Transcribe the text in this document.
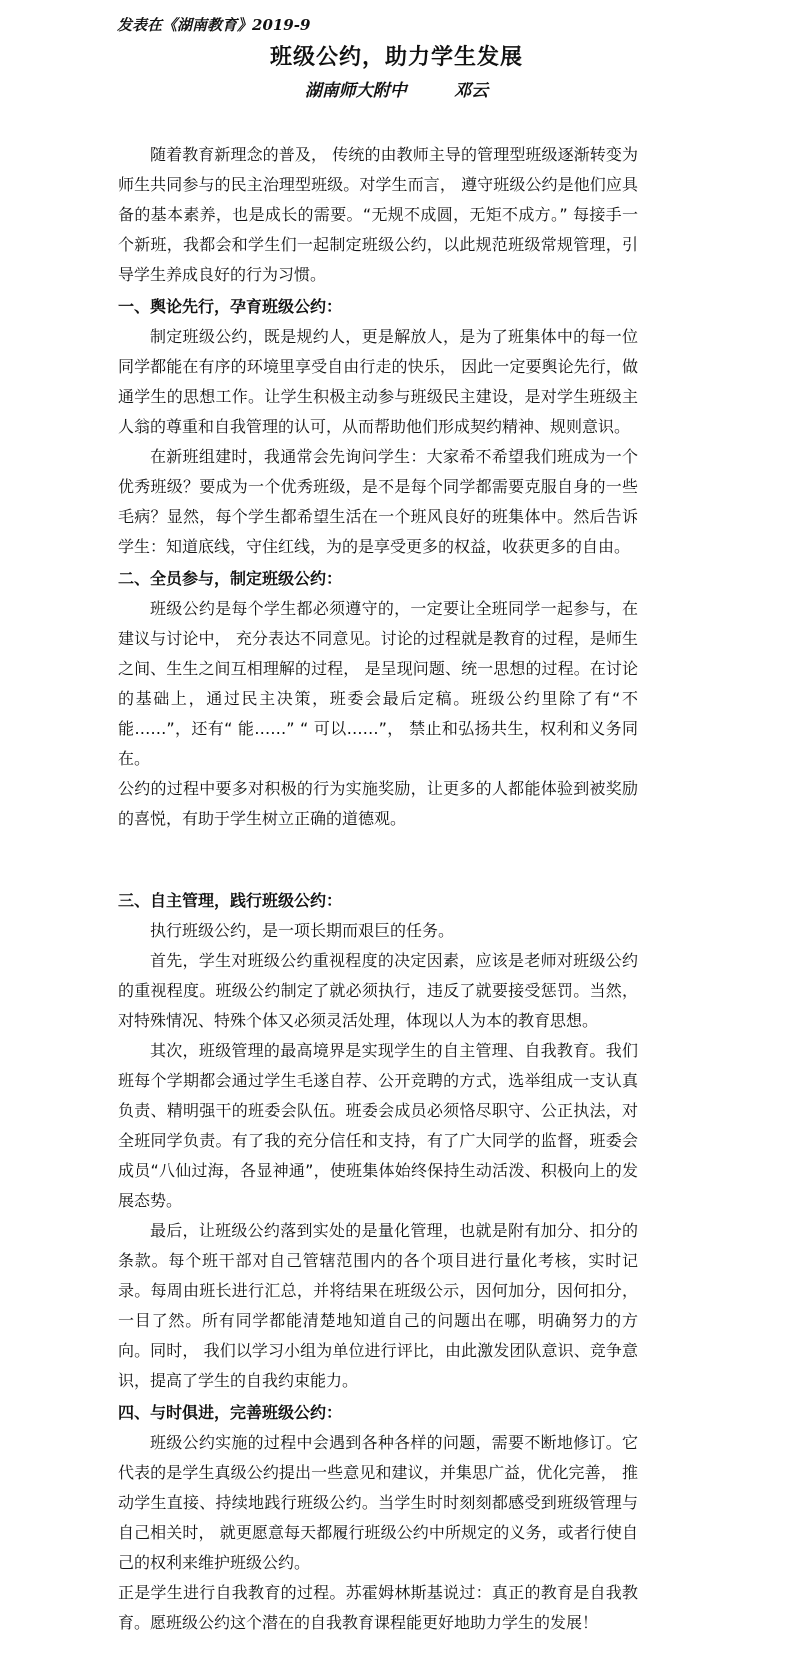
发表在《湖南教育》2019-9
班级公约，助力学生发展
湖南师大附中        邓云

随着教育新理念的普及， 传统的由教师主导的管理型班级逐渐转变为师生共同参与的民主治理型班级。对学生而言， 遵守班级公约是他们应具备的基本素养，也是成长的需要。“无规不成圆，无矩不成方。” 每接手一个新班，我都会和学生们一起制定班级公约，以此规范班级常规管理，引导学生养成良好的行为习惯。

一、舆论先行，孕育班级公约：

制定班级公约，既是规约人，更是解放人，是为了班集体中的每一位同学都能在有序的环境里享受自由行走的快乐， 因此一定要舆论先行，做通学生的思想工作。让学生积极主动参与班级民主建设，是对学生班级主人翁的尊重和自我管理的认可，从而帮助他们形成契约精神、规则意识。

在新班组建时，我通常会先询问学生：大家希不希望我们班成为一个优秀班级？要成为一个优秀班级，是不是每个同学都需要克服自身的一些毛病？显然，每个学生都希望生活在一个班风良好的班集体中。然后告诉学生：知道底线，守住红线，为的是享受更多的权益，收获更多的自由。

二、全员参与，制定班级公约：

班级公约是每个学生都必须遵守的，一定要让全班同学一起参与，在建议与讨论中， 充分表达不同意见。讨论的过程就是教育的过程，是师生之间、生生之间互相理解的过程， 是呈现问题、统一思想的过程。在讨论的基础上，通过民主决策，班委会最后定稿。班级公约里除了有“不能……”，还有“ 能……” “ 可以……”， 禁止和弘扬共生，权利和义务同在。

公约的过程中要多对积极的行为实施奖励，让更多的人都能体验到被奖励的喜悦，有助于学生树立正确的道德观。

三、自主管理，践行班级公约：

执行班级公约，是一项长期而艰巨的任务。

首先，学生对班级公约重视程度的决定因素，应该是老师对班级公约的重视程度。班级公约制定了就必须执行，违反了就要接受惩罚。当然，对特殊情况、特殊个体又必须灵活处理，体现以人为本的教育思想。

其次，班级管理的最高境界是实现学生的自主管理、自我教育。我们班每个学期都会通过学生毛遂自荐、公开竞聘的方式，选举组成一支认真负责、精明强干的班委会队伍。班委会成员必须恪尽职守、公正执法，对全班同学负责。有了我的充分信任和支持，有了广大同学的监督，班委会成员“八仙过海，各显神通”，使班集体始终保持生动活泼、积极向上的发展态势。

最后，让班级公约落到实处的是量化管理，也就是附有加分、扣分的条款。每个班干部对自己管辖范围内的各个项目进行量化考核，实时记录。每周由班长进行汇总，并将结果在班级公示，因何加分，因何扣分，一目了然。所有同学都能清楚地知道自己的问题出在哪，明确努力的方向。同时， 我们以学习小组为单位进行评比，由此激发团队意识、竞争意识，提高了学生的自我约束能力。

四、与时俱进，完善班级公约：

班级公约实施的过程中会遇到各种各样的问题，需要不断地修订。它代表的是学生真级公约提出一些意见和建议，并集思广益，优化完善， 推动学生直接、持续地践行班级公约。当学生时时刻刻都感受到班级管理与自己相关时， 就更愿意每天都履行班级公约中所规定的义务，或者行使自己的权利来维护班级公约。

正是学生进行自我教育的过程。苏霍姆林斯基说过：真正的教育是自我教育。愿班级公约这个潜在的自我教育课程能更好地助力学生的发展！
